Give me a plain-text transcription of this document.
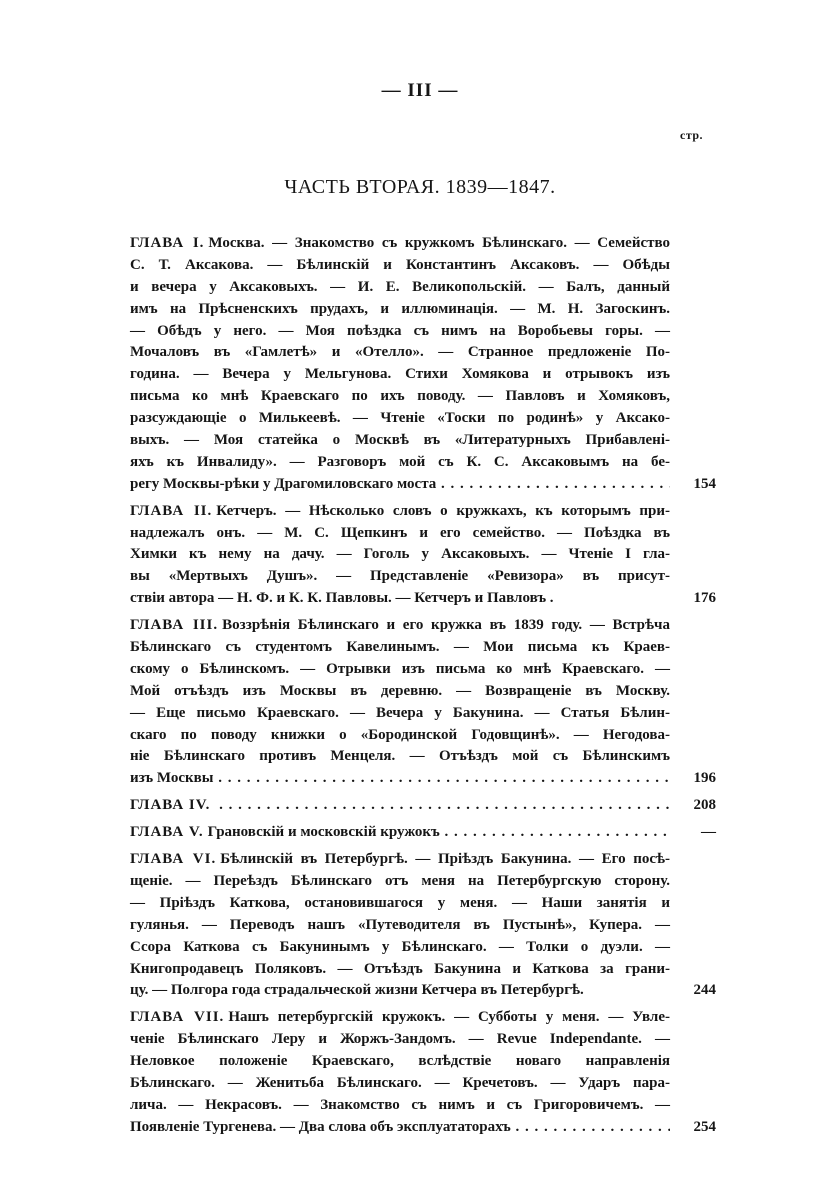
— III —
стр.
ЧАСТЬ ВТОРАЯ. 1839—1847.
ГЛАВА I. Москва. — Знакомство съ кружкомъ Бѣлинскаго. — Семейство
С. Т. Аксакова. — Бѣлинскій и Константинъ Аксаковъ. — Обѣды
и вечера у Аксаковыхъ. — И. Е. Великопольскій. — Балъ, данный
имъ на Прѣсненскихъ прудахъ, и иллюминація. — М. Н. Загоскинъ.
— Обѣдъ у него. — Моя поѣздка съ нимъ на Воробьевы горы. —
Мочаловъ въ «Гамлетѣ» и «Отелло». — Странное предложеніе По-
година. — Вечера у Мельгунова. Стихи Хомякова и отрывокъ изъ
письма ко мнѣ Краевскаго по ихъ поводу. — Павловъ и Хомяковъ,
разсуждающіе о Милькеевѣ. — Чтеніе «Тоски по родинѣ» у Аксако-
выхъ. — Моя статейка о Москвѣ въ «Литературныхъ Прибавленi-
яхъ къ Инвалиду». — Разговоръ мой съ К. С. Аксаковымъ на бе-
регу Москвы-рѣки у Драгомиловскаго моста . . .	154
ГЛАВА II. Кетчеръ. — Нѣсколько словъ о кружкахъ, къ которымъ при-
надлежалъ онъ. — М. С. Щепкинъ и его семейство. — Поѣздка въ
Химки къ нему на дачу. — Гоголь у Аксаковыхъ. — Чтеніе I гла-
вы «Мертвыхъ Душъ». — Представленіе «Ревизора» въ присут-
ствіи автора — Н. Ф. и К. К. Павловы. — Кетчеръ и Павловъ .	176
ГЛАВА III. Воззрѣнія Бѣлинскаго и его кружка въ 1839 году. — Встрѣча
Бѣлинскаго съ студентомъ Кавелинымъ. — Мои письма къ Краев-
скому о Бѣлинскомъ. — Отрывки изъ письма ко мнѣ Краевскаго. —
Мой отъѣздъ изъ Москвы въ деревню. — Возвращеніе въ Москву.
— Еще письмо Краевскаго. — Вечера у Бакунина. — Статья Бѣлин-
скаго по поводу книжки о «Бородинской Годовщинѣ». — Негодова-
ніе Бѣлинскаго противъ Менцеля. — Отъѣздъ мой съ Бѣлинскимъ
изъ Москвы . . .	196
ГЛАВА IV. . . .	208
ГЛАВА V. Грановскій и московскій кружокъ . . .	—
ГЛАВА VI. Бѣлинскій въ Петербургѣ. — Пріѣздъ Бакунина. — Его посѣ-
щеніе. — Переѣздъ Бѣлинскаго отъ меня на Петербургскую сторону.
— Пріѣздъ Каткова, остановившагося у меня. — Наши занятія и
гулянья. — Переводъ нашъ «Путеводителя въ Пустынѣ», Купера. —
Ссора Каткова съ Бакунинымъ у Бѣлинскаго. — Толки о дуэли. —
Книгопродавецъ Поляковъ. — Отъѣздъ Бакунина и Каткова за грани-
цу. — Полгора года страдальческой жизни Кетчера въ Петербургѣ.	244
ГЛАВА VII. Нашъ петербургскій кружокъ. — Субботы у меня. — Увле-
ченіе Бѣлинскаго Леру и Жоржъ-Зандомъ. — Revue Independante. —
Неловкое положеніе Краевскаго, вслѣдствіе новаго направленія
Бѣлинскаго. — Женитьба Бѣлинскаго. — Кречетовъ. — Ударъ пара-
лича. — Некрасовъ. — Знакомство съ нимъ и съ Григоровичемъ. —
Появленіе Тургенева. — Два слова объ эксплуататорахъ . . .	254
